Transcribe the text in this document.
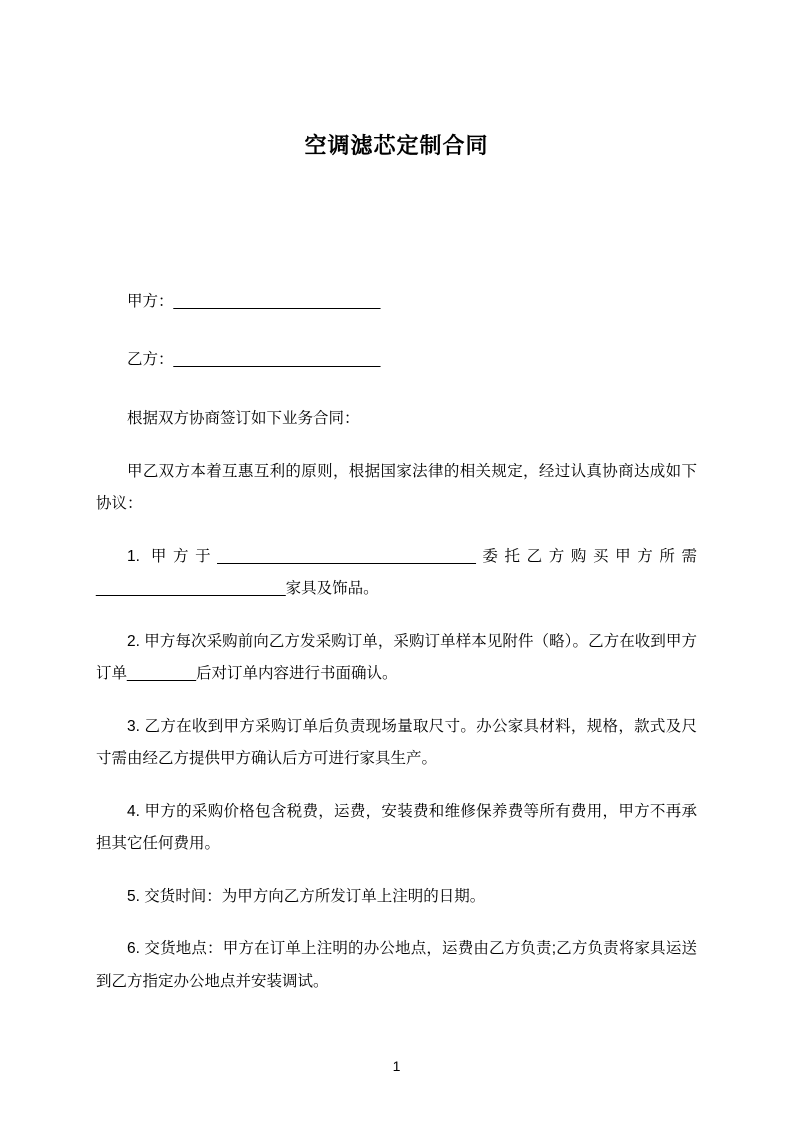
空调滤芯定制合同

甲方：________________________

乙方：________________________

根据双方协商签订如下业务合同：

甲乙双方本着互惠互利的原则，根据国家法律的相关规定，经过认真协商达成如下协议：

1. 甲方于______________________________委托乙方购买甲方所需______________________家具及饰品。

2. 甲方每次采购前向乙方发采购订单，采购订单样本见附件（略）。乙方在收到甲方订单________后对订单内容进行书面确认。

3. 乙方在收到甲方采购订单后负责现场量取尺寸。办公家具材料，规格，款式及尺寸需由经乙方提供甲方确认后方可进行家具生产。

4. 甲方的采购价格包含税费，运费，安装费和维修保养费等所有费用，甲方不再承担其它任何费用。

5. 交货时间：为甲方向乙方所发订单上注明的日期。

6. 交货地点：甲方在订单上注明的办公地点，运费由乙方负责;乙方负责将家具运送到乙方指定办公地点并安装调试。

1
